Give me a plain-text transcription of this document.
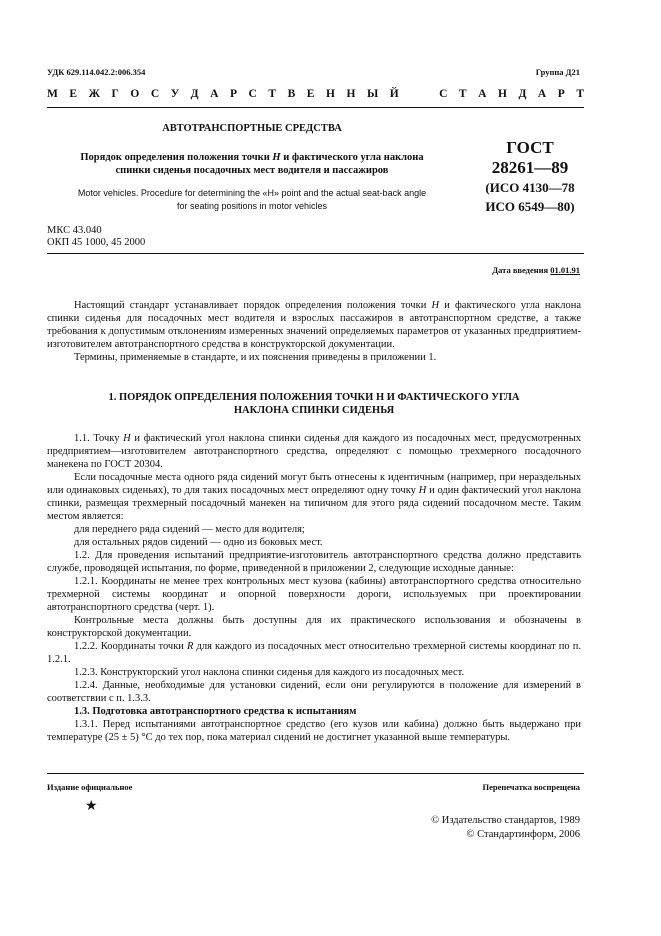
УДК 629.114.042.2:006.354	Группа Д21
М Е Ж Г О С У Д А Р С Т В Е Н Н Ы Й

	С Т А Н Д А Р Т
АВТОТРАНСПОРТНЫЕ СРЕДСТВА
Порядок определения положения точки H и фактического угла наклона
спинки сиденья посадочных мест водителя и пассажиров
Motor vehicles. Procedure for determining the «H» point and the actual seat-back angle
for seating positions in motor vehicles
ГОСТ
28261—89
(ИСО 4130—78
ИСО 6549—80)
МКС 43.040
ОКП 45 1000, 45 2000
Дата введения 01.01.91

Настоящий стандарт устанавливает порядок определения положения точки H и фактического угла наклона спинки сиденья для посадочных мест водителя и взрослых пассажиров в автотранспортном средстве, а также требования к допустимым отклонениям измеренных значений определяемых параметров от указанных предприятием-изготовителем автотранспортного средства в конструкторской документации.

Термины, применяемые в стандарте, и их пояснения приведены в приложении 1.

1. ПОРЯДОК ОПРЕДЕЛЕНИЯ ПОЛОЖЕНИЯ ТОЧКИ H И ФАКТИЧЕСКОГО УГЛА
НАКЛОНА СПИНКИ СИДЕНЬЯ

1.1. Точку H и фактический угол наклона спинки сиденья для каждого из посадочных мест, предусмотренных предприятием—изготовителем автотранспортного средства, определяют с помощью трехмерного посадочного манекена по ГОСТ 20304.

Если посадочные места одного ряда сидений могут быть отнесены к идентичным (например, при нераздельных или одинаковых сиденьях), то для таких посадочных мест определяют одну точку H и один фактический угол наклона спинки, размещая трехмерный посадочный манекен на типичном для этого ряда сидений посадочном месте. Таким местом является:

для переднего ряда сидений — место для водителя;

для остальных рядов сидений — одно из боковых мест.

1.2. Для проведения испытаний предприятие-изготовитель автотранспортного средства должно представить службе, проводящей испытания, по форме, приведенной в приложении 2, следующие исходные данные:

1.2.1. Координаты не менее трех контрольных мест кузова (кабины) автотранспортного средства относительно трехмерной системы координат и опорной поверхности дороги, используемых при проектировании автотранспортного средства (черт. 1).

Контрольные места должны быть доступны для их практического использования и обозначены в конструкторской документации.

1.2.2. Координаты точки R для каждого из посадочных мест относительно трехмерной системы координат по п. 1.2.1.

1.2.3. Конструкторский угол наклона спинки сиденья для каждого из посадочных мест.

1.2.4. Данные, необходимые для установки сидений, если они регулируются в положение для измерений в соответствии с п. 1.3.3.

1.3. Подготовка автотранспортного средства к испытаниям

1.3.1. Перед испытаниями автотранспортное средство (его кузов или кабина) должно быть выдержано при температуре (25 ± 5) °С до тех пор, пока материал сидений не достигнет указанной выше температуры.

Издание официальное	Перепечатка воспрещена
★
© Издательство стандартов, 1989
© Стандартинформ, 2006
